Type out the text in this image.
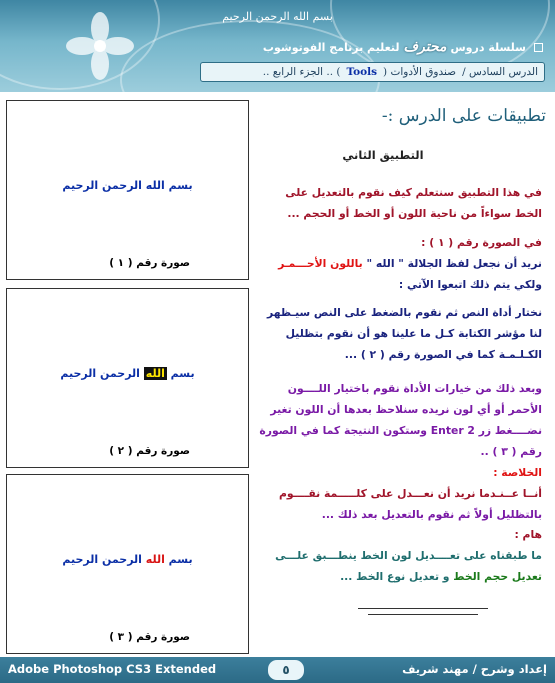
بسم الله الرحمن الرحيم
سلسلة دروس
محترف
لتعليم برنامج الفوتوشوب
الدرس السادس /
صندوق الأدوات (
Tools
) .. الجزء الرابع ..
بسم الله الرحمن الرحيم
صورة رقم ( ١ )
بسم الله الرحمن الرحيم
صورة رقم ( ٢ )
بسم الله الرحمن الرحيم
صورة رقم ( ٣ )
تطبيقات على الدرس :-
التطبيق الثاني
في هذا التطبيق سنتعلم كيف نقوم بالتعديل على الخط سواءاً من ناحية اللون أو الخط أو الحجم ...
في الصورة رقم ( ١ ) :
نريد أن نجعل لفظ الجلالة " الله " باللون الأحـــمـر ولكي يتم ذلك اتبعوا الآتي :
نختار أداة النص ثم نقوم بالضغط على النص سيـظهر لنا مؤشر الكتابة كـل ما علينا هو أن نقوم بتظليل الكـلـمـة كما في الصورة رقم ( ٢ ) ...
وبعد ذلك من خيارات الأداة نقوم باختيار اللــــون الأحمر أو أي لون نريده سنلاحظ بعدها أن اللون تغير نضــــغط زر Enter 2 وستكون النتيجة كما في الصورة رقم ( ٣ ) ..
الخلاصة :
أنــا عــنـدما نريد أن نعـــدل على كلـــــمة نقــــوم بالتظليل أولاً ثم نقوم بالتعديل بعد ذلك ...
هام :
ما طبقناه على تعــــديل لون الخط ينطـــبق علـــى تعديل حجم الخط و تعديل نوع الخط ...
Adobe Photoshop CS3 Extended	٥	إعداد وشرح / مهند شريف
